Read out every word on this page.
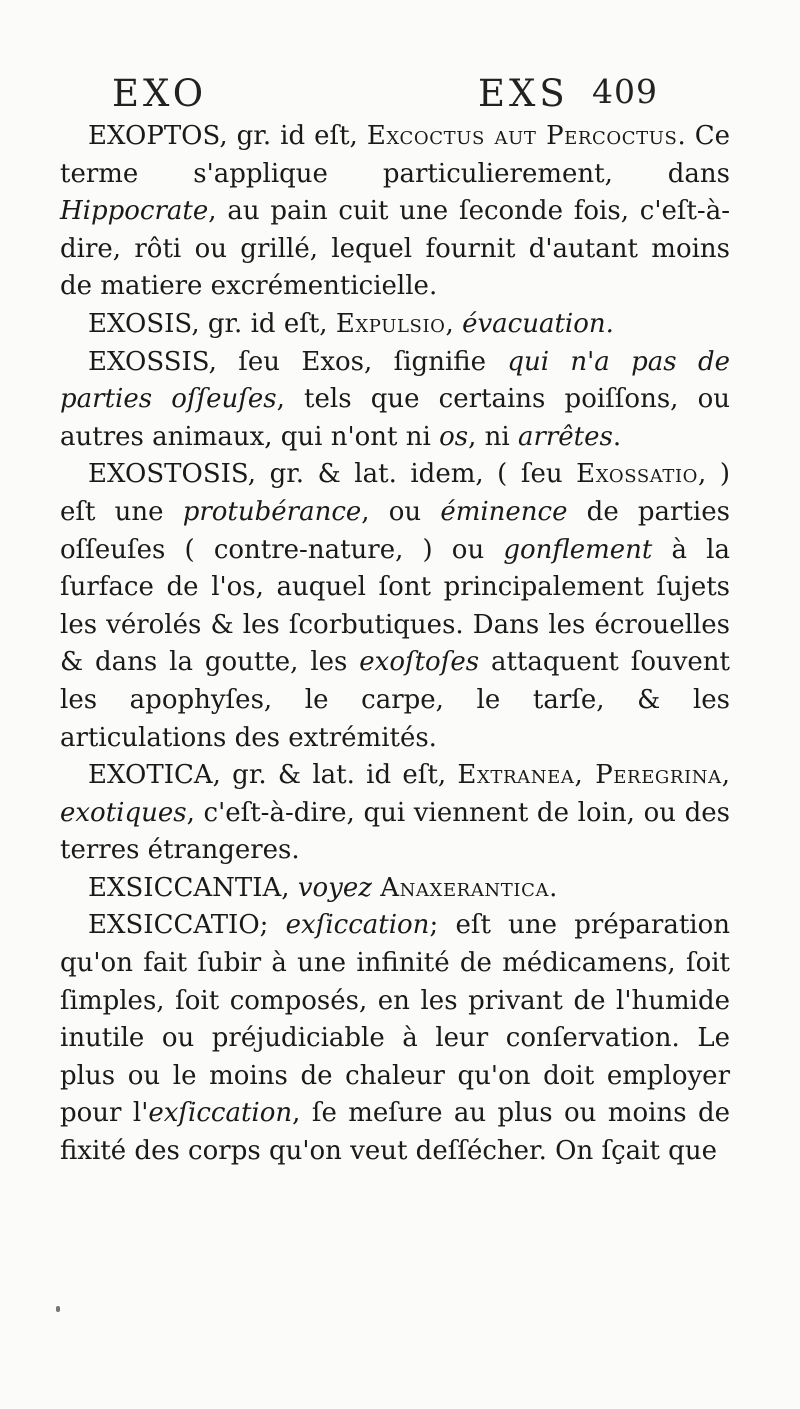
EXO	EXS 409

EXOPTOS, gr. id eſt, Excoctus aut Percoctus. Ce terme s'applique particulierement, dans Hippocrate, au pain cuit une ſeconde fois, c'eſt-à-dire, rôti ou grillé, lequel fournit d'autant moins de matiere excrémenticielle.

EXOSIS, gr. id eſt, Expulsio, évacuation.

EXOSSIS, ſeu Exos, ſignifie qui n'a pas de parties oſſeuſes, tels que certains poiſſons, ou autres animaux, qui n'ont ni os, ni arrêtes.

EXOSTOSIS, gr. & lat. idem, ( ſeu Exossatio, ) eſt une protubérance, ou éminence de parties oſſeuſes ( contre-nature, ) ou gonflement à la ſurface de l'os, auquel ſont principalement ſujets les vérolés & les ſcorbutiques. Dans les écrouelles & dans la goutte, les exoſtoſes attaquent ſouvent les apophyſes, le carpe, le tarſe, & les articulations des extrémités.

EXOTICA, gr. & lat. id eſt, Extranea, Peregrina, exotiques, c'eſt-à-dire, qui viennent de loin, ou des terres étrangeres.

EXSICCANTIA, voyez Anaxerantica.

EXSICCATIO; exſiccation; eſt une préparation qu'on fait ſubir à une infinité de médicamens, ſoit ſimples, ſoit composés, en les privant de l'humide inutile ou préjudiciable à leur conſervation. Le plus ou le moins de chaleur qu'on doit employer pour l'exſiccation, ſe meſure au plus ou moins de fixité des corps qu'on veut deſſécher. On ſçait que
